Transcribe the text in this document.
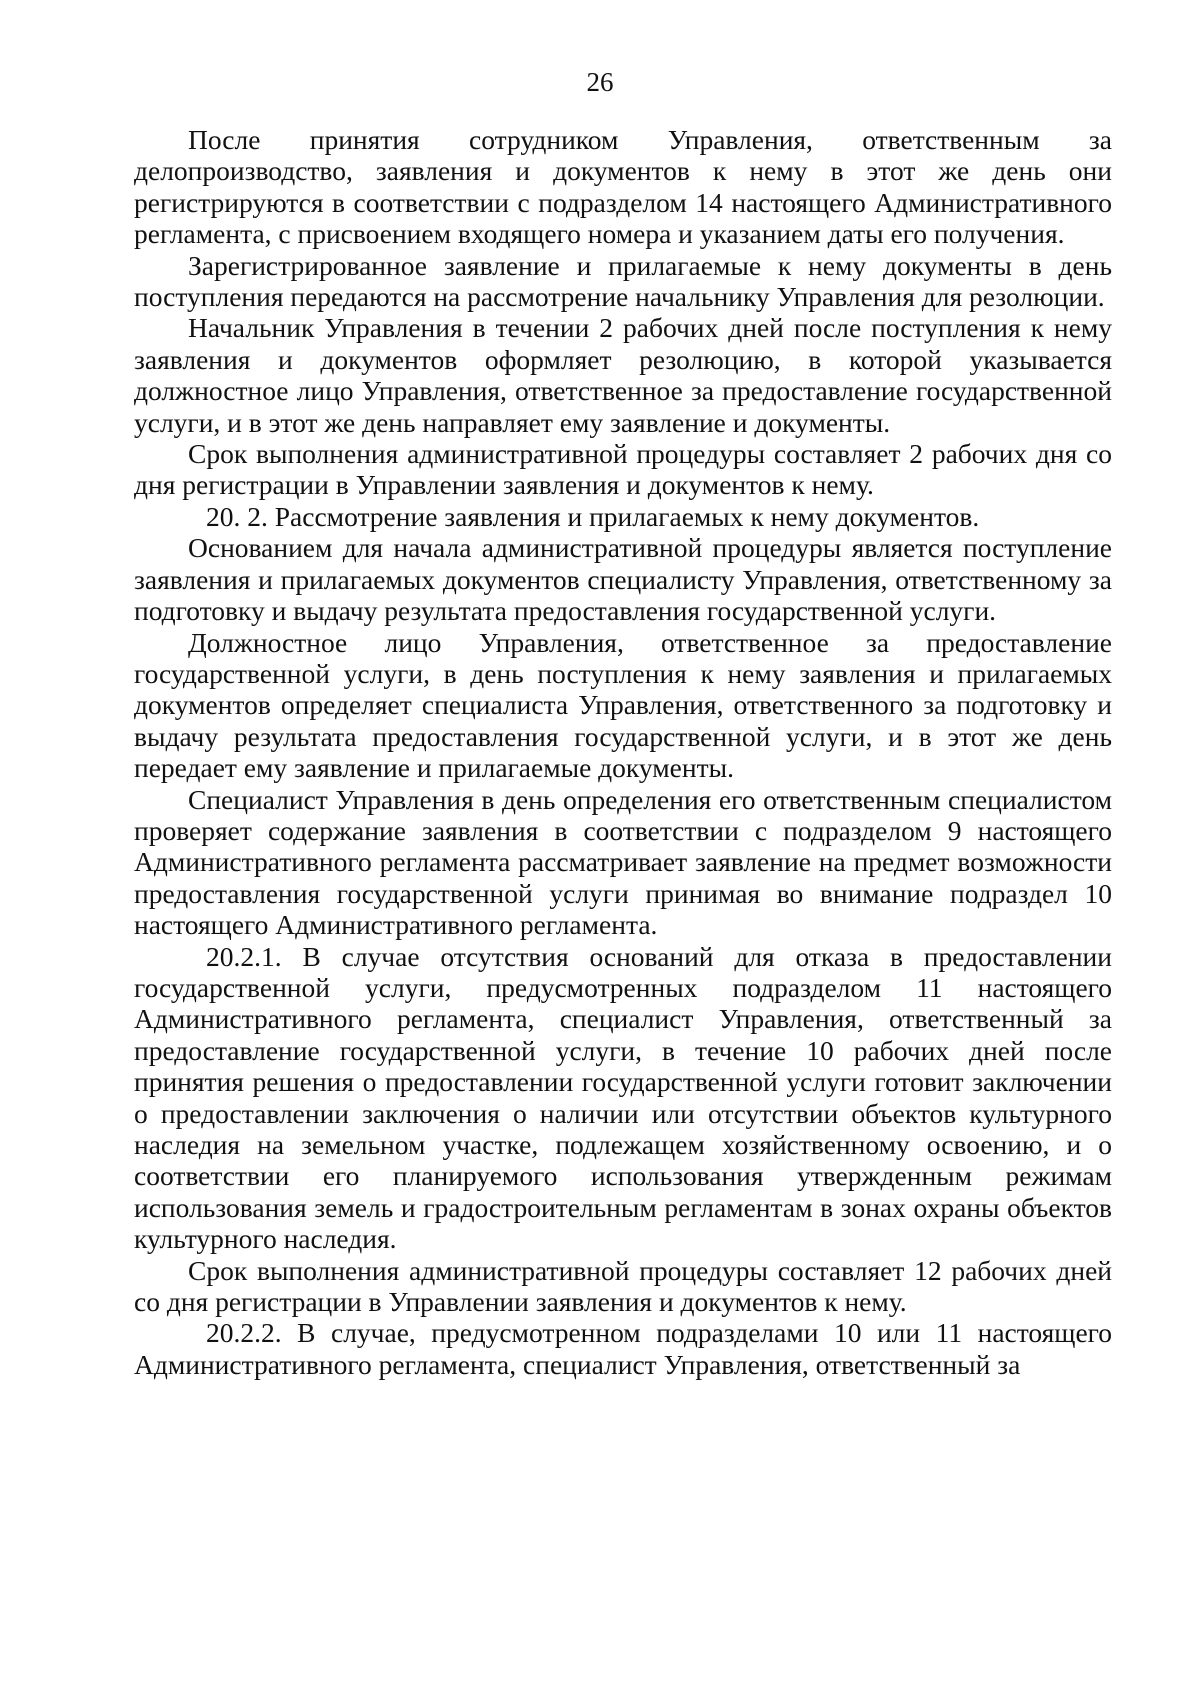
26

После принятия сотрудником Управления, ответственным за делопроизводство, заявления и документов к нему в этот же день они регистрируются в соответствии с подразделом 14 настоящего Административного регламента, с присвоением входящего номера и указанием даты его получения.

Зарегистрированное заявление и прилагаемые к нему документы в день поступления передаются на рассмотрение начальнику Управления для резолюции.

Начальник Управления в течении 2 рабочих дней после поступления к нему заявления и документов оформляет резолюцию, в которой указывается должностное лицо Управления, ответственное за предоставление государственной услуги, и в этот же день направляет ему заявление и документы.

Срок выполнения административной процедуры составляет 2 рабочих дня со дня регистрации в Управлении заявления и документов к нему.

20. 2. Рассмотрение заявления и прилагаемых к нему документов.

Основанием для начала административной процедуры является поступление заявления и прилагаемых документов специалисту Управления, ответственному за подготовку и выдачу результата предоставления государственной услуги.

Должностное лицо Управления, ответственное за предоставление государственной услуги, в день поступления к нему заявления и прилагаемых документов определяет специалиста Управления, ответственного за подготовку и выдачу результата предоставления государственной услуги, и в этот же день передает ему заявление и прилагаемые документы.

Специалист Управления в день определения его ответственным специалистом проверяет содержание заявления в соответствии с подразделом 9 настоящего Административного регламента рассматривает заявление на предмет возможности предоставления государственной услуги принимая во внимание подраздел 10 настоящего Административного регламента.

20.2.1. В случае отсутствия оснований для отказа в предоставлении государственной услуги, предусмотренных подразделом 11 настоящего Административного регламента, специалист Управления, ответственный за предоставление государственной услуги, в течение 10 рабочих дней после принятия решения о предоставлении государственной услуги готовит заключении о предоставлении заключения о наличии или отсутствии объектов культурного наследия на земельном участке, подлежащем хозяйственному освоению, и о соответствии его планируемого использования утвержденным режимам использования земель и градостроительным регламентам в зонах охраны объектов культурного наследия.

Срок выполнения административной процедуры составляет 12 рабочих дней со дня регистрации в Управлении заявления и документов к нему.

20.2.2. В случае, предусмотренном подразделами 10 или 11 настоящего Административного регламента, специалист Управления, ответственный за
